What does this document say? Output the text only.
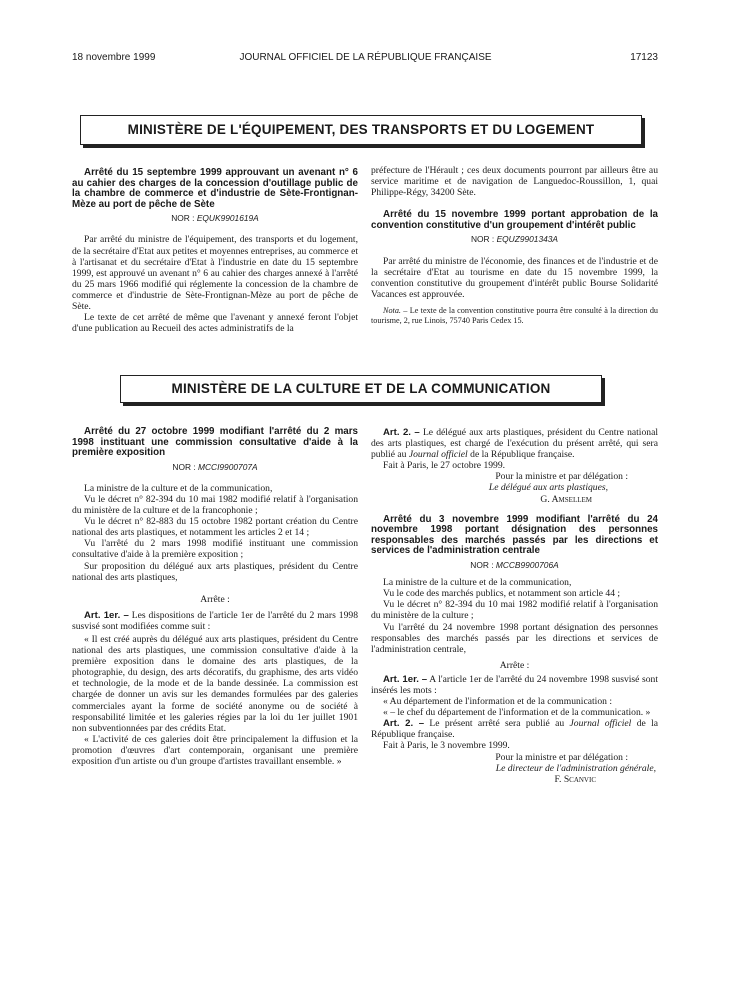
18 novembre 1999	JOURNAL OFFICIEL DE LA RÉPUBLIQUE FRANÇAISE	17123
MINISTÈRE DE L'ÉQUIPEMENT, DES TRANSPORTS ET DU LOGEMENT

Arrêté du 15 septembre 1999 approuvant un avenant n° 6 au cahier des charges de la concession d'outillage public de la chambre de commerce et d'industrie de Sète-Frontignan-Mèze au port de pêche de Sète

NOR : EQUK9901619A

Par arrêté du ministre de l'équipement, des transports et du logement, de la secrétaire d'Etat aux petites et moyennes entreprises, au commerce et à l'artisanat et du secrétaire d'Etat à l'industrie en date du 15 septembre 1999, est approuvé un avenant n° 6 au cahier des charges annexé à l'arrêté du 25 mars 1966 modifié qui réglemente la concession de la chambre de commerce et d'industrie de Sète-Frontignan-Mèze au port de pêche de Sète.

Le texte de cet arrêté de même que l'avenant y annexé feront l'objet d'une publication au Recueil des actes administratifs de la

préfecture de l'Hérault ; ces deux documents pourront par ailleurs être au service maritime et de navigation de Languedoc-Roussillon, 1, quai Philippe-Régy, 34200 Sète.

Arrêté du 15 novembre 1999 portant approbation de la convention constitutive d'un groupement d'intérêt public

NOR : EQUZ9901343A

Par arrêté du ministre de l'économie, des finances et de l'industrie et de la secrétaire d'Etat au tourisme en date du 15 novembre 1999, la convention constitutive du groupement d'intérêt public Bourse Solidarité Vacances est approuvée.

Nota. – Le texte de la convention constitutive pourra être consulté à la direction du tourisme, 2, rue Linois, 75740 Paris Cedex 15.

MINISTÈRE DE LA CULTURE ET DE LA COMMUNICATION

Arrêté du 27 octobre 1999 modifiant l'arrêté du 2 mars 1998 instituant une commission consultative d'aide à la première exposition

NOR : MCCI9900707A

La ministre de la culture et de la communication,

Vu le décret n° 82-394 du 10 mai 1982 modifié relatif à l'organisation du ministère de la culture et de la francophonie ;

Vu le décret n° 82-883 du 15 octobre 1982 portant création du Centre national des arts plastiques, et notamment les articles 2 et 14 ;

Vu l'arrêté du 2 mars 1998 modifié instituant une commission consultative d'aide à la première exposition ;

Sur proposition du délégué aux arts plastiques, président du Centre national des arts plastiques,

Arrête :

Art. 1er. – Les dispositions de l'article 1er de l'arrêté du 2 mars 1998 susvisé sont modifiées comme suit :

« Il est créé auprès du délégué aux arts plastiques, président du Centre national des arts plastiques, une commission consultative d'aide à la première exposition dans le domaine des arts plastiques, de la photographie, du design, des arts décoratifs, du graphisme, des arts vidéo et technologie, de la mode et de la bande dessinée. La commission est chargée de donner un avis sur les demandes formulées par des galeries commerciales ayant la forme de société anonyme ou de société à responsabilité limitée et les galeries régies par la loi du 1er juillet 1901 non subventionnées par des crédits Etat.

« L'activité de ces galeries doit être principalement la diffusion et la promotion d'œuvres d'art contemporain, organisant une première exposition d'un artiste ou d'un groupe d'artistes travaillant ensemble. »

Art. 2. – Le délégué aux arts plastiques, président du Centre national des arts plastiques, est chargé de l'exécution du présent arrêté, qui sera publié au Journal officiel de la République française.

Fait à Paris, le 27 octobre 1999.

Pour la ministre et par délégation :

Le délégué aux arts plastiques,

G. Amsellem

Arrêté du 3 novembre 1999 modifiant l'arrêté du 24 novembre 1998 portant désignation des personnes responsables des marchés passés par les directions et services de l'administration centrale

NOR : MCCB9900706A

La ministre de la culture et de la communication,

Vu le code des marchés publics, et notamment son article 44 ;

Vu le décret n° 82-394 du 10 mai 1982 modifié relatif à l'organisation du ministère de la culture ;

Vu l'arrêté du 24 novembre 1998 portant désignation des personnes responsables des marchés passés par les directions et services de l'administration centrale,

Arrête :

Art. 1er. – A l'article 1er de l'arrêté du 24 novembre 1998 susvisé sont insérés les mots :

« Au département de l'information et de la communication :

« – le chef du département de l'information et de la communication. »

Art. 2. – Le présent arrêté sera publié au Journal officiel de la République française.

Fait à Paris, le 3 novembre 1999.

Pour la ministre et par délégation :

Le directeur de l'administration générale,

F. Scanvic
